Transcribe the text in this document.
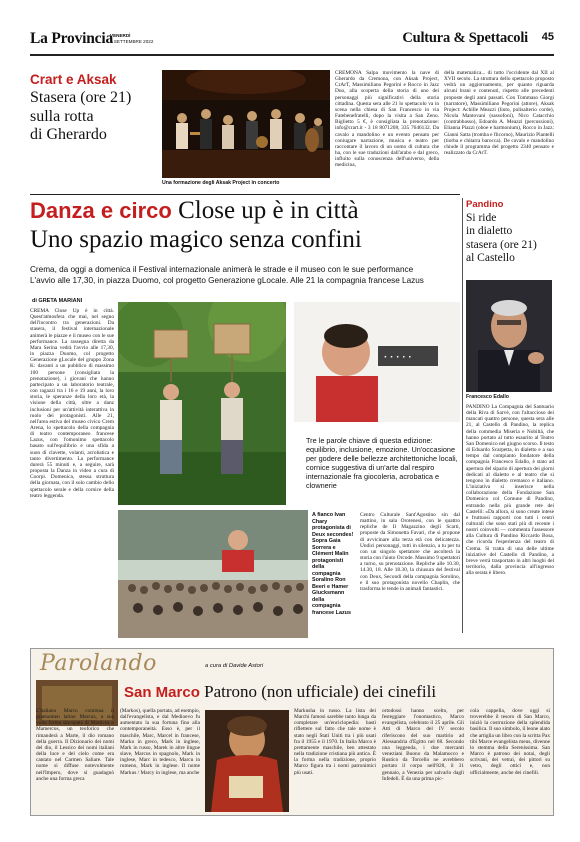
La Provincia
VENERDÌ
9 SETTEMBRE 2022	Cultura & Spettacoli 45
Crart e Aksak
Stasera (ore 21)
sulla rotta
di Gherardo
Una formazione degli Aksak Project in concerto

CREMONA Salpa movimento la nave di Gherardo da Cremona, con Aksak Project, CrArT, Massimiliano Pegorini e Rocco in Jazz Duo, alla scoperta della storia di uno dei personaggi più significativi della storia cittadina. Questa sera alle 21 lo spettacolo va in scena nella chiesa di San Francesco in via Fatebenefratelli, dopo la visita a San Zeno. Biglietto 5 €, è consigliata la prenotazione: info@crart.it - 3 18 8071208, 335 7646132. Da cavalo a mandolino e un evento pensato per coniugare narrazione, musica e teatro per raccontare il lavoro di un uomo di cultura che ha, con le sue traduzioni dall'arabo e dal greco, influito sulla conoscenza dell'universo, della medicina,

della matematica... di tutto l'occidente dal XII al XVII secolo. La struttura dello spettacolo proposto vedrà un aggiornamento, per quanto riguarda alcuni brani e contenuti, rispetto alle precedenti proposte degli anni passati. Con Tommaso Giorgi (narratore), Massimiliano Pegorini (attore), Aksak Project: Achille Meazzi (liuto, polisalterio corde), Nicola Mantovani (sassofoni), Nico Catacchio (contrabbasso), Edoardo A. Meazzi (percussioni), Elianna Piazzi (oboe e harmonium), Rocco in Jazz: Gianni Satta (tromba e flicorno), Maurizio Piantelli (tiorba e chitarra barocca). De cavalo e mandolino chiude il programma del progetto 2340 pensato e realizzato da CrArT.

Danza e circo Close up è in città
Uno spazio magico senza confini
Crema, da oggi a domenica il Festival internazionale animerà le strade e il museo con le sue performance
L'avvio alle 17,30, in piazza Duomo, col progetto Generazione gLocale. Alle 21 la compagnia francese Lazus
di GRETA MARIANI

CREMA Close Up è in città. Quest'atmosfera che mai, nel segno dell'incontro tra generazioni. Da stasera, il festival internazionale animerà le piazze e il museo con le sue performance. La rassegna diretta da Mara Serina vedrà l'avvio alle 17,30, in piazza Duomo, col progetto Generazione gLocale del gruppo Zona K: davanti a un pubblico di massimo 100 persone (consigliata la prenotazione), i giovani che hanno partecipato a un laboratorio teatrale, con ragazzi tra i 16 e 19 anni, la loro storia, le speranze della loro età, la visione della città, oltre a danz inclusioni per un'attività interattiva in ruolo dei protagonisti. Alle 21, nell'area estiva del museo civico Crem Arena, lo spettacolo della compagnia di teatro contemporaneo francese Lazus, con l'omonimo spettacolo basato sull'equilibrio e una sfida a suon di clavette, volanti, acrobatica e tanto divertimento. La performance durerà 55 minuti e, a seguire, sarà proposta la Danza in video a cura di Coorpi. Domenica, stessa struttura della giornata, con il solo cambio dello spettacolo serale e della cornice della teatro leggenda.

· · · · ·
Tre le parole chiave di questa edizione: equilibrio, inclusione, emozione. Un'occasione per godere delle bellezze architettoniche locali, cornice suggestiva di un'arte dal respiro internazionale fra giocoleria, acrobatica e clownerie
A fianco Ivan Chary protagonista di Deux secondes! Sopra Gaia Sorrera e Clément Malin protagonisti della compagnia Soralino Ron Beeri e Hamer Glucksmann della compagnia francese Lazus

Centro Culturale Sant'Agostino sin dal mattino, in sala Orotenesi, con le quattro repliche de Il Magazzino degli Scarti, proposte da Simonetta Favari, che si propone di avvicinare alla terza età con delicatezza. Undici personaggi, tutti in silenzio, a tu per tu con un singolo spettatore che ascolterà la storia con l'aiuto Orcode. Massimo 9 spettatori a turno, su prenotazione. Repliche alle 10.30, 14.30, 18. Alle 18.30, la chiusura del festival con Deux, Secondi della compagnia Sorolino, e il suo protagonista novello Chaplin, che trasforma le tende in animali fantastici.

Pandino
Si ride
in dialetto
stasera (ore 21)
al Castello
Francesco Edallo

PANDINO La Compagnia del Santuario della Riva di Sarvè, con l'altaccioso dei mancati quattro persone, questa sera alle 21, al Castello di Pandino, la replica della commedia Miseria e Nobiltà, che hanno portato al tutto esaurito al Teatro San Domenico nel giugno scorso. Il testo di Eduardo Scarpetta, in dialetto e a suo tempo dal compianto fondatore della compagnia Francesco Edallo, è stato ad apertura del sipario di apertura dei giorni dedicati al dialetto e al teatro che si tengono in dialetto cremasco e italiano. L'iniziativa si inserisce nella collaborazione della Fondazione San Domenico col Comune di Pandino, entrando nella più grande rete dei Castelli: «Da allora, si sono create intese e fruttuosi rapporti con tutti i centri culturali che sono stati più di recente i nostri coinvolti — commenta l'assessore alla Cultura di Pandino Riccardo Bosa, che ricorda l'esperienza del teatro di Crema. Si tratta di una delle ultime iniziative del Castello di Pandino, a breve verrà trasportato in altri luoghi del territorio, dalla provincia all'ingresso alla serata è libero.

Parolando	a cura di Davide Astori
San Marco Patrono (non ufficiale) dei cinefili

L'italiano Marco continua il praenomen latino Marcus, a sua volta forma sincopata di Marticus o Mamercos, un teoforico che rimanderà a Marte, il dio romano della guerra. Il Dizionario dei nomi del dio, il Lessico dei nomi italiani della luce e del cielo come era cantato nel Carmen Saliare. Tale nome si diffuse notevolmente nell'Impero, dove si guadagnò anche una forma greca

(Markos), quella portata, ad esempio, dall'evangelista, e dal Medioevo fu aumentato la sua fortuna fino alla contemporaneità. Esso è, per il maschile, Marc, Marcel in francese, Marko in greco, Mark in inglese, Mark in russo, Marek in altre lingue slave, Marcus in spagnolo, Mark in inglese, Marc in tedesco, Marcu in rumeno, Mark in inglese. Il nome Markus / Marcy in inglese, ma anche

Markusha in russo. La lista dei Marchi famosi sarebbe tanto lunga da completare un'enciclopedia: basti riflettere sul fatto che tale nome è stato negli Stati Uniti tra i più usati fra il 1955 e il 1970. In Italia Marco è prettamente maschile, ben attestato nella tradizione cristiana più antica. È la forma nella tradizione, proprio Marco figura tra i nomi patronimici più usati.

ortodossi hanno scelto, per festeggiare l'onomastico, Marco evangelista, celebrato il 25 aprile. Gli Atti di Marco del IV secolo riferiscono del suo martirio ad Alessandria d'Egitto nel 68. Secondo una leggenda, i due mercanti veneziani Buono da Malamocco e Rustico da Torcello ne avrebbero portato il corpo nell'828, il 31 gennaio, a Venezia per salvarlo dagli Infedeli. È da una prima pic-

cola cappella, dove oggi si troverebbe il tesoro di San Marco, iniziò la costruzione della splendida basilica. Il suo simbolo, il leone alato che artiglia un libro con la scritta Pax tibi Marce evangelista meus, divenne lo stemma della Serenissima. San Marco è patrono dei notai, degli scrivani, dei vetrai, dei pittori su vetro, degli ottici e, non ufficialmente, anche dei cinefili.
